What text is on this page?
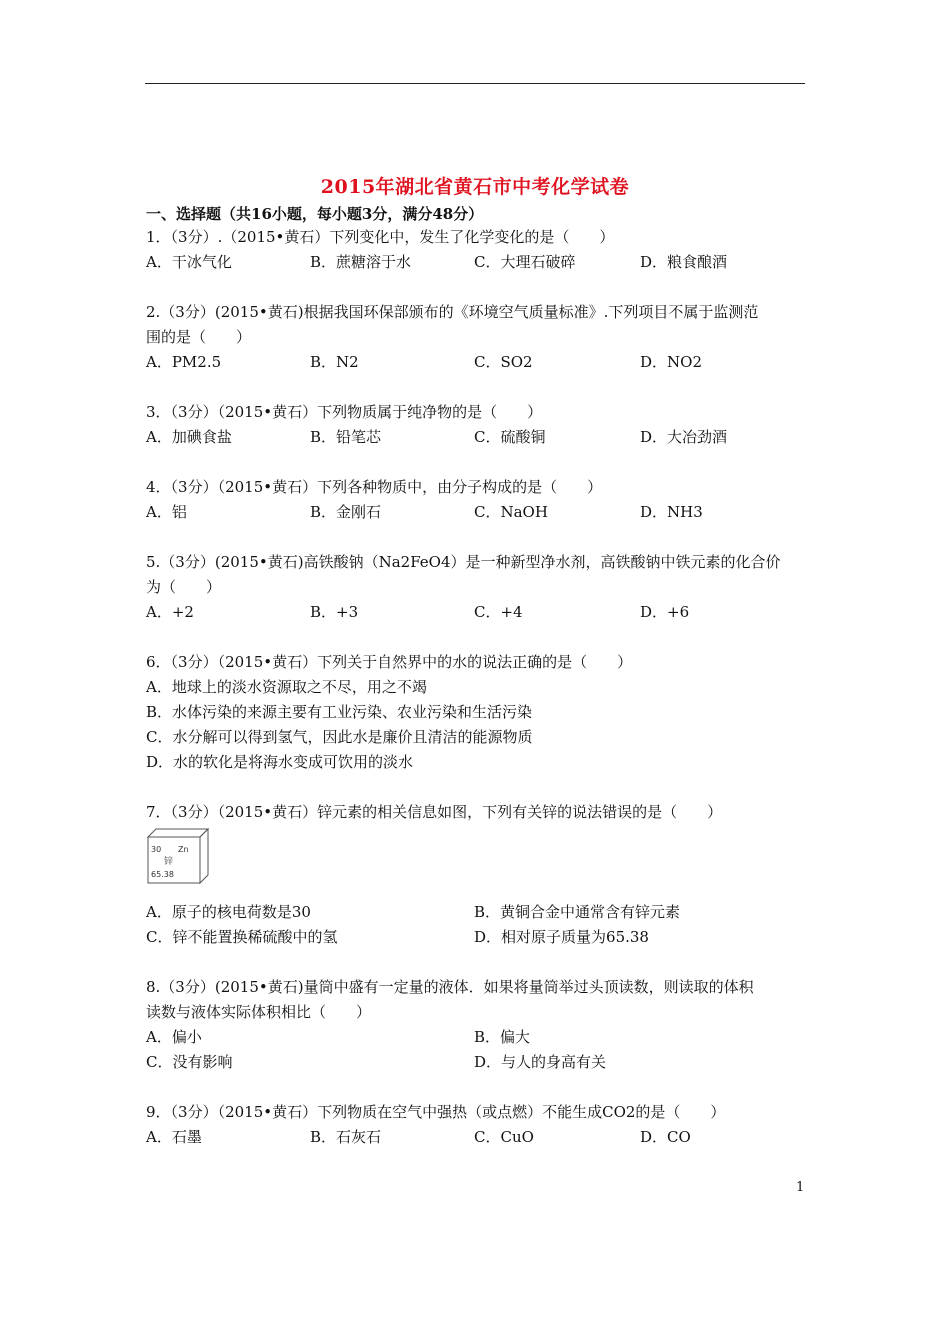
2015年湖北省黄石市中考化学试卷
一、选择题（共16小题，每小题3分，满分48分）
1．（3分）.（2015•黄石）下列变化中，发生了化学变化的是（　　）
A．干冰气化	B．蔗糖溶于水	C．大理石破碎	D．粮食酿酒
2.（3分）(2015•黄石)根据我国环保部颁布的《环境空气质量标准》.下列项目不属于监测范
围的是（　　）
A．PM2.5	B．N2	C．SO2	D．NO2
3．（3分）（2015•黄石）下列物质属于纯净物的是（　　）
A．加碘食盐	B．铅笔芯	C．硫酸铜	D．大冶劲酒
4．（3分）（2015•黄石）下列各种物质中，由分子构成的是（　　）
A．铝	B．金刚石	C．NaOH	D．NH3
5.（3分）(2015•黄石)高铁酸钠（Na2FeO4）是一种新型净水剂，高铁酸钠中铁元素的化合价
为（　　）
A．+2	B．+3	C．+4	D．+6
6．（3分）（2015•黄石）下列关于自然界中的水的说法正确的是（　　）
A．地球上的淡水资源取之不尽，用之不竭
B．水体污染的来源主要有工业污染、农业污染和生活污染
C．水分解可以得到氢气，因此水是廉价且清洁的能源物质
D．水的软化是将海水变成可饮用的淡水
7．（3分）（2015•黄石）锌元素的相关信息如图，下列有关锌的说法错误的是（　　）
30 Zn
锌
65.38
A．原子的核电荷数是30	B．黄铜合金中通常含有锌元素
C．锌不能置换稀硫酸中的氢	D．相对原子质量为65.38
8.（3分）(2015•黄石)量筒中盛有一定量的液体．如果将量筒举过头顶读数，则读取的体积
读数与液体实际体积相比（　　）
A．偏小	B．偏大
C．没有影响	D．与人的身高有关
9．（3分）（2015•黄石）下列物质在空气中强热（或点燃）不能生成CO2的是（　　）
A．石墨	B．石灰石	C．CuO	D．CO
1
